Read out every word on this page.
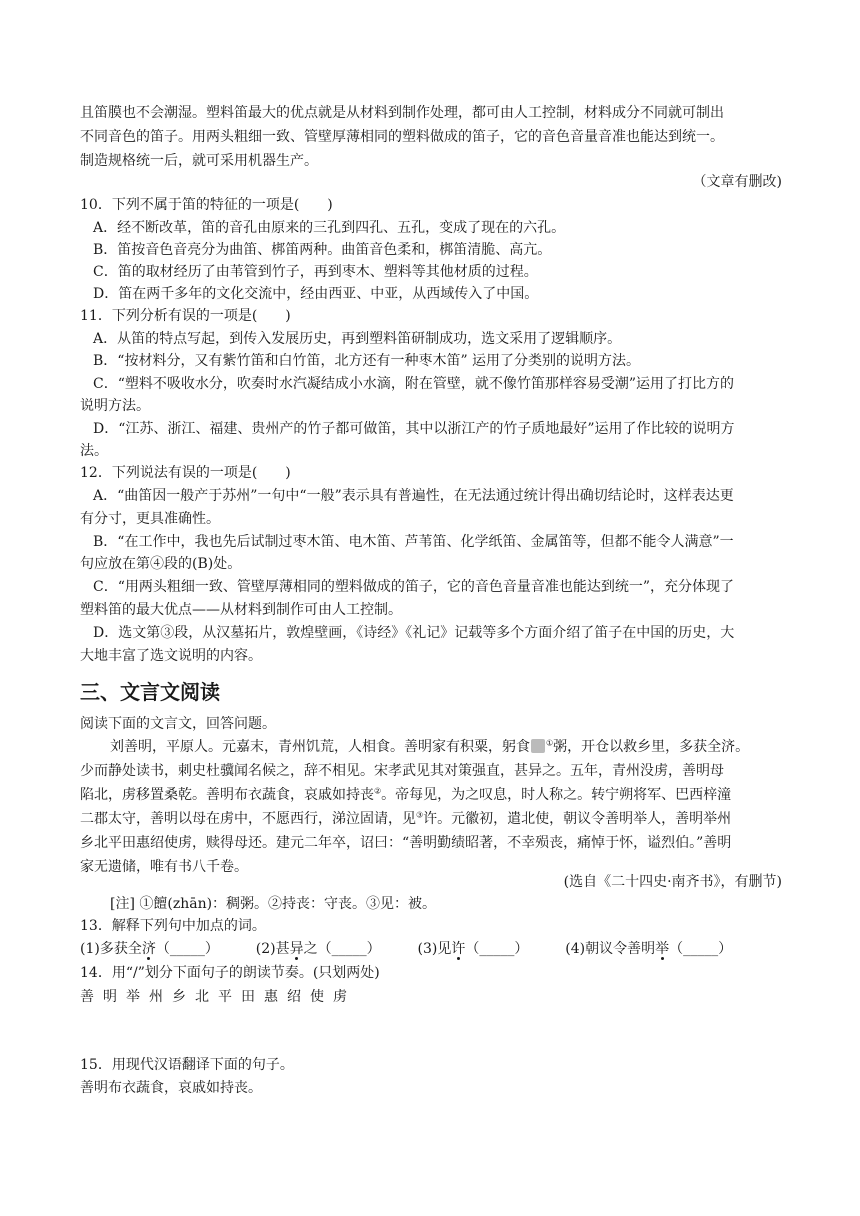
且笛膜也不会潮湿。塑料笛最大的优点就是从材料到制作处理，都可由人工控制，材料成分不同就可制出
不同音色的笛子。用两头粗细一致、管壁厚薄相同的塑料做成的笛子，它的音色音量音准也能达到统一。
制造规格统一后，就可采用机器生产。
（文章有删改)
10．下列不属于笛的特征的一项是(　　)
A．经不断改革，笛的音孔由原来的三孔到四孔、五孔，变成了现在的六孔。
B．笛按音色音亮分为曲笛、梆笛两种。曲笛音色柔和，梆笛清脆、高亢。
C．笛的取材经历了由苇管到竹子，再到枣木、塑料等其他材质的过程。
D．笛在两千多年的文化交流中，经由西亚、中亚，从西域传入了中国。
11．下列分析有误的一项是(　　)
A．从笛的特点写起，到传入发展历史，再到塑料笛研制成功，选文采用了逻辑顺序。
B．“按材料分，又有紫竹笛和白竹笛，北方还有一种枣木笛” 运用了分类别的说明方法。
C．“塑料不吸收水分，吹奏时水汽凝结成小水滴，附在管壁，就不像竹笛那样容易受潮”运用了打比方的
说明方法。
D．“江苏、浙江、福建、贵州产的竹子都可做笛，其中以浙江产的竹子质地最好”运用了作比较的说明方
法。
12．下列说法有误的一项是(　　)
A．“曲笛因一般产于苏州”一句中“一般”表示具有普遍性，在无法通过统计得出确切结论时，这样表达更
有分寸，更具准确性。
B．“在工作中，我也先后试制过枣木笛、电木笛、芦苇笛、化学纸笛、金属笛等，但都不能令人满意”一
句应放在第④段的(B)处。
C．“用两头粗细一致、管壁厚薄相同的塑料做成的笛子，它的音色音量音准也能达到统一”，充分体现了
塑料笛的最大优点——从材料到制作可由人工控制。
D．选文第③段，从汉墓拓片，敦煌壁画，《诗经》《礼记》记载等多个方面介绍了笛子在中国的历史，大
大地丰富了选文说明的内容。
三、文言文阅读
阅读下面的文言文，回答问题。
刘善明，平原人。元嘉末，青州饥荒，人相食。善明家有积粟，躬食 ①粥，开仓以救乡里，多获全济。
少而静处读书，刺史杜骥闻名候之，辞不相见。宋孝武见其对策强直，甚异之。五年，青州没虏，善明母
陷北，虏移置桑乾。善明布衣蔬食，哀戚如持丧②。帝每见，为之叹息，时人称之。转宁朔将军、巴西梓潼
二郡太守，善明以母在虏中，不愿西行，涕泣固请，见③许。元徽初，遣北使，朝议令善明举人，善明举州
乡北平田惠绍使虏，赎得母还。建元二年卒，诏曰：“善明勤绩昭著，不幸殒丧，痛悼于怀，谥烈伯。”善明
家无遗储，唯有书八千卷。
(选自《二十四史·南齐书》，有删节)
[注] ①饘(zhān)：稠粥。②持丧：守丧。③见：被。
13．解释下列句中加点的词。
(1)多获全济（_____）	(2)甚异之（_____）	(3)见许（_____）	(4)朝议令善明举（_____）
14．用“/”划分下面句子的朗读节奏。(只划两处)
善明举州乡北平田惠绍使虏
15．用现代汉语翻译下面的句子。
善明布衣蔬食，哀戚如持丧。
